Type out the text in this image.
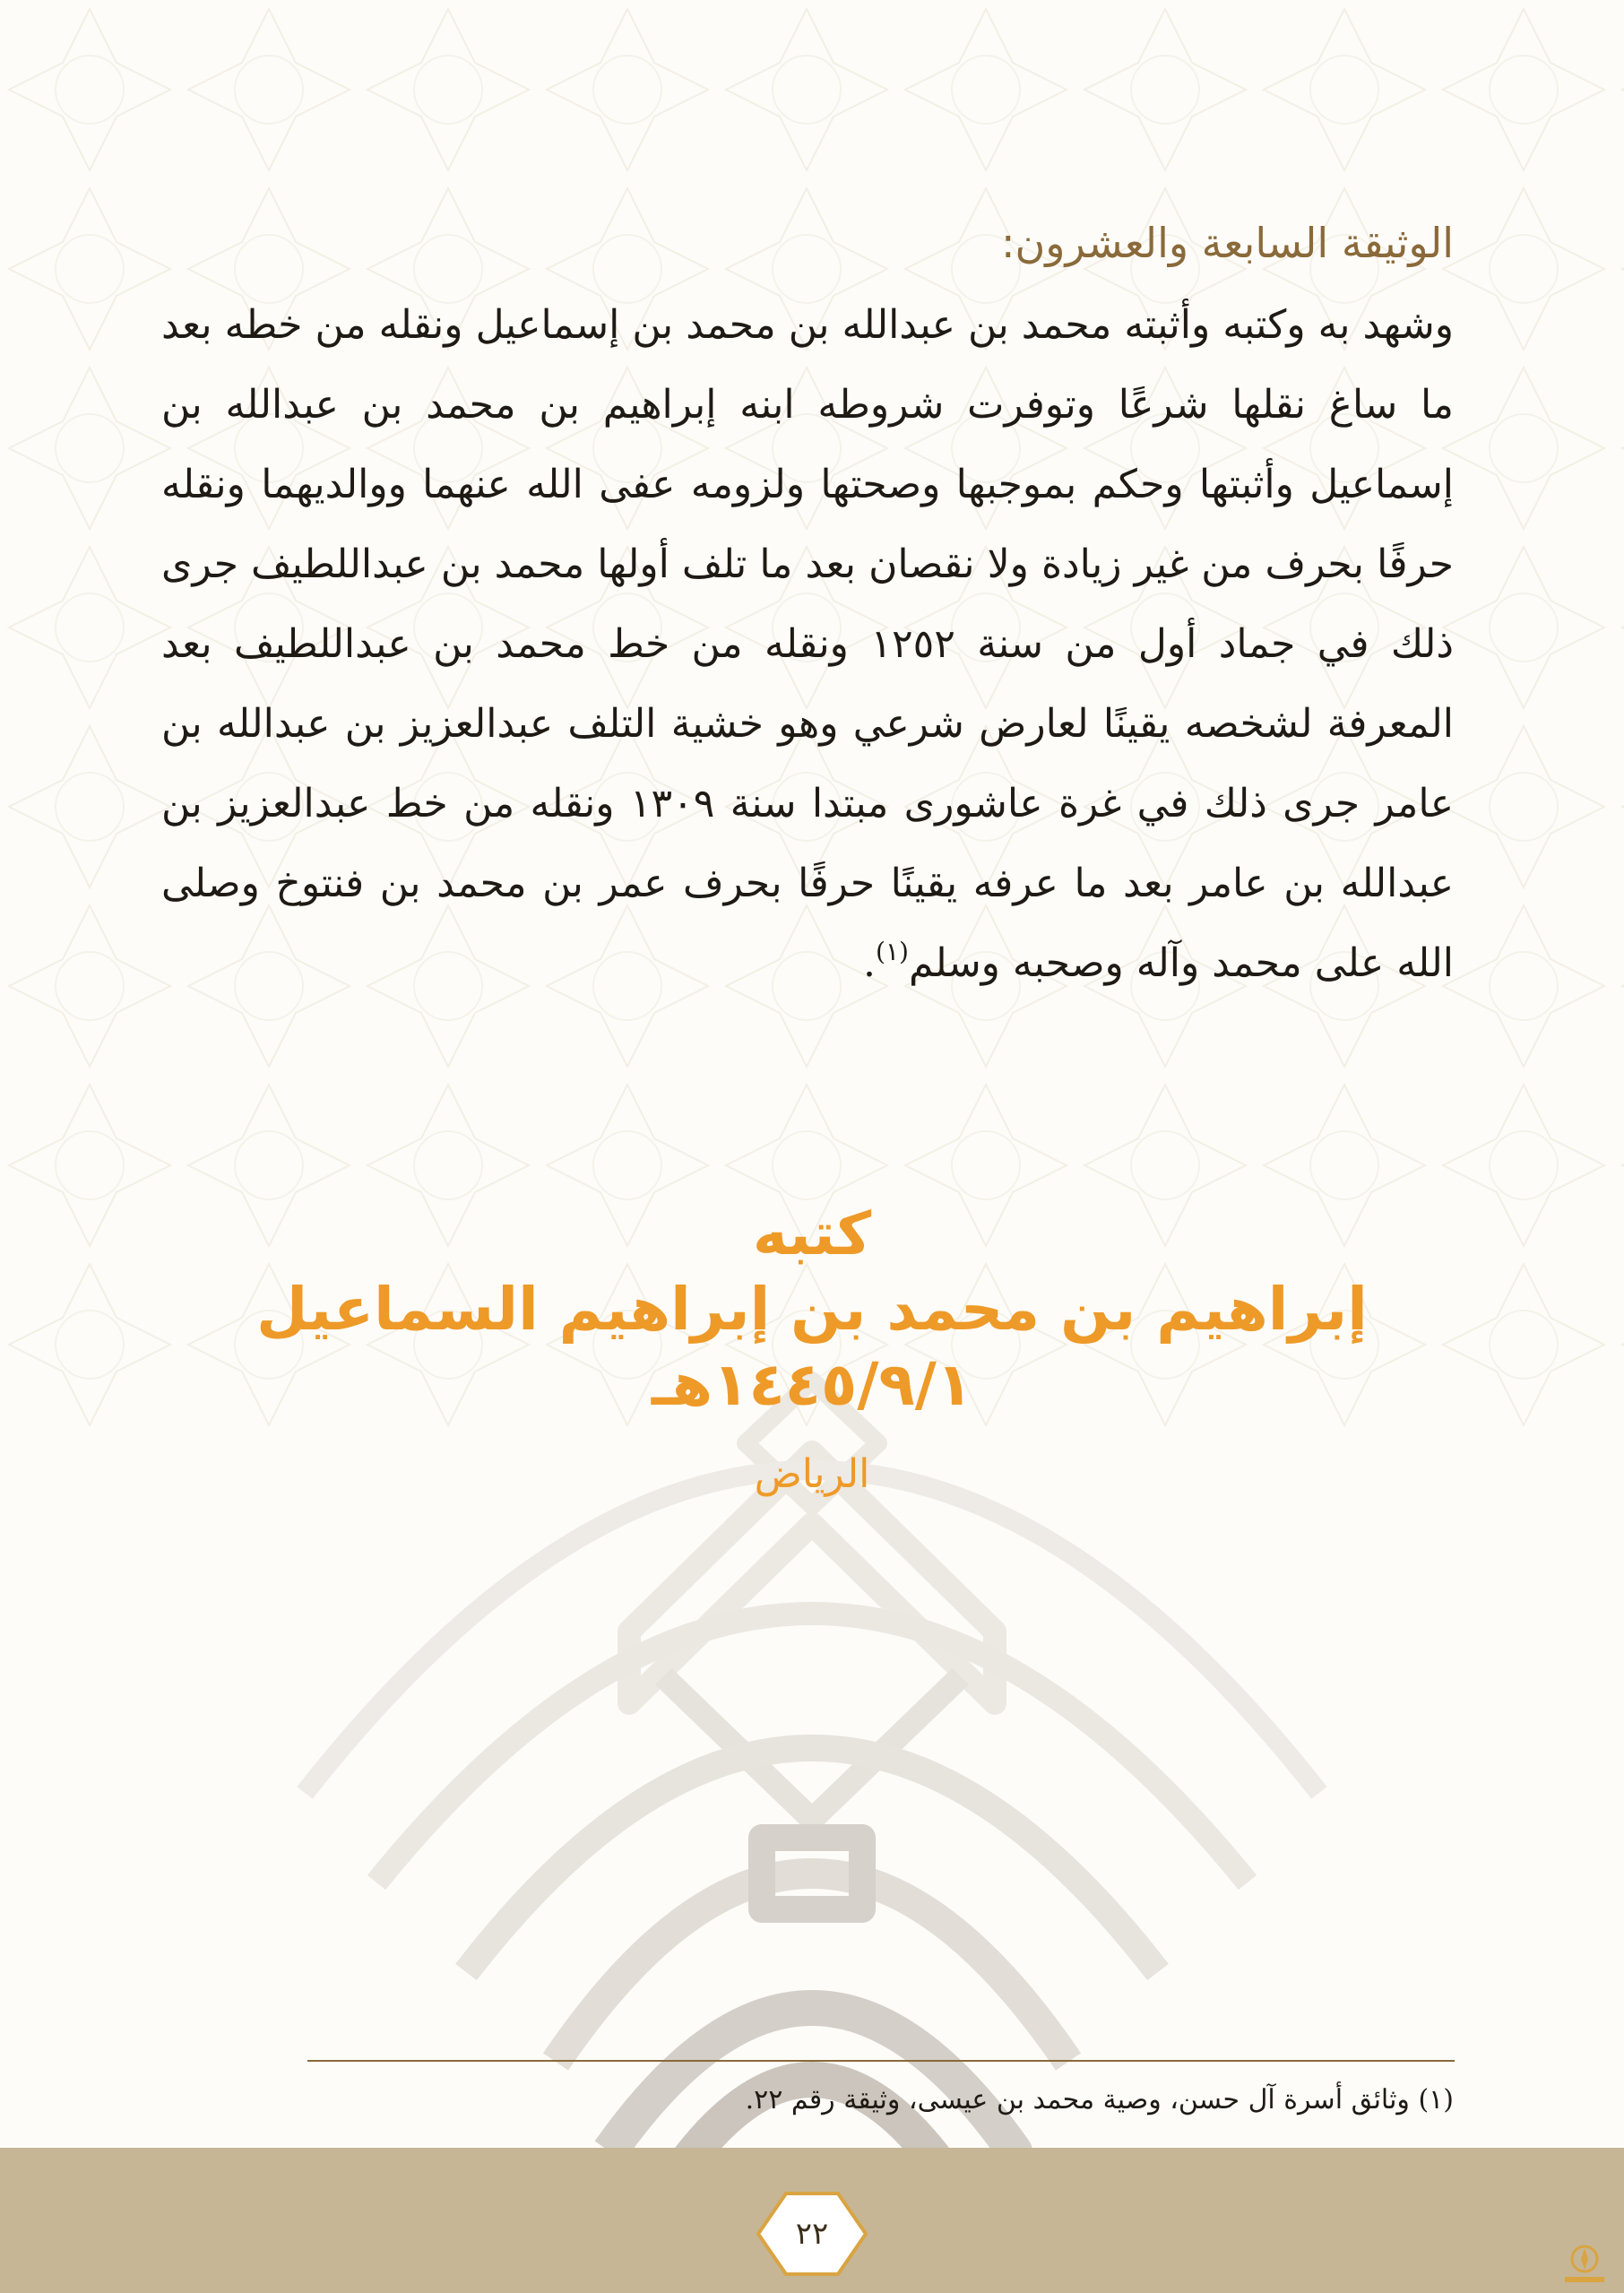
الوثيقة السابعة والعشرون:
وشهد به وكتبه وأثبته محمد بن عبدالله بن محمد بن إسماعيل ونقله من خطه بعد ما ساغ نقلها شرعًا وتوفرت شروطه ابنه إبراهيم بن محمد بن عبدالله بن إسماعيل وأثبتها وحكم بموجبها وصحتها ولزومه عفى الله عنهما ووالديهما ونقله حرفًا بحرف من غير زيادة ولا نقصان بعد ما تلف أولها محمد بن عبداللطيف جرى ذلك في جماد أول من سنة ١٢٥٢ ونقله من خط محمد بن عبداللطيف بعد المعرفة لشخصه يقينًا لعارض شرعي وهو خشية التلف عبدالعزيز بن عبدالله بن عامر جرى ذلك في غرة عاشورى مبتدا سنة ١٣٠٩ ونقله من خط عبدالعزيز بن عبدالله بن عامر بعد ما عرفه يقينًا حرفًا بحرف عمر بن محمد بن فنتوخ وصلى الله على محمد وآله وصحبه وسلم$^{(١)}$.
كتبه
إبراهيم بن محمد بن إبراهيم السماعيل
١٤٤٥/٩/١هـ
الرياض
(١) وثائق أسرة آل حسن، وصية محمد بن عيسى، وثيقة رقم ٢٢.
٢٢
